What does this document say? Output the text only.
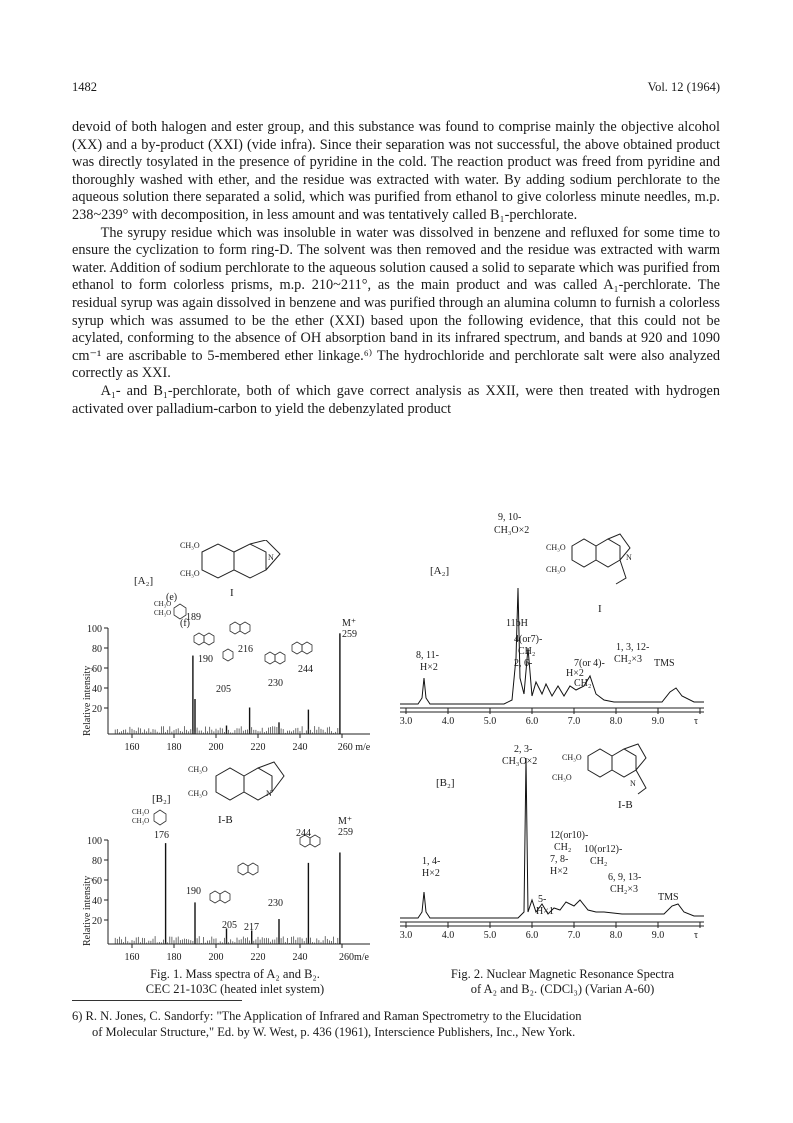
1482	Vol. 12 (1964)

devoid of both halogen and ester group, and this substance was found to comprise mainly the objective alcohol (XX) and a by-product (XXI) (vide infra). Since their separation was not successful, the above obtained product was directly tosylated in the presence of pyridine in the cold. The reaction product was freed from pyridine and thoroughly washed with ether, and the residue was extracted with water. By adding sodium perchlorate to the aqueous solution there separated a solid, which was purified from ethanol to give colorless minute needles, m.p. 238~239° with decomposition, in less amount and was tentatively called B₁-perchlorate.

The syrupy residue which was insoluble in water was dissolved in benzene and refluxed for some time to ensure the cyclization to form ring-D. The solvent was then removed and the residue was extracted with warm water. Addition of sodium perchlorate to the aqueous solution caused a solid to separate which was purified from ethanol to form colorless prisms, m.p. 210~211°, as the main product and was called A₁-perchlorate. The residual syrup was again dissolved in benzene and was purified through an alumina column to furnish a colorless syrup which was assumed to be the ether (XXI) based upon the following evidence, that this could not be acylated, conforming to the absence of OH absorption band in its infrared spectrum, and bands at 920 and 1090 cm⁻¹ are ascribable to 5-membered ether linkage.⁶⁾ The hydrochloride and perchlorate salt were also analyzed correctly as XXI.

A₁- and B₁-perchlorate, both of which gave correct analysis as XXII, were then treated with hydrogen activated over palladium-carbon to yield the debenzylated product

[A₂]
CH₃O
CH₃O
N
I
(e)
(f)
CH₃O
CH₃O
100
80
60
40
20
160	180	200	220	240	260 m/e
Relative intensity
M⁺
259
189
190
216
205
230
244
[B₂]
CH₃O
CH₃O	N
CH₃O
CH₃O	I-B
100
80
60
40
20
160	180	200	220	240	260m/e
Relative intensity
M⁺
259
176	244
190
205 217
230
Fig. 1. Mass spectra of A₂ and B₂.
CEC 21-103C (heated inlet system)
[A₂]
9, 10-
CH₃O×2
8, 11-
H×2
11bH
4(or7)-
CH₂
2, 6-
H×2
7(or 4)-
CH₂
1, 3, 12-
CH₂×3 TMS
CH₃O
CH₃O
N
I
3.0	4.0	5.0	6.0	7.0	8.0	9.0	τ
[B₂]
2, 3-
CH₃O×2
1, 4-
H×2
12(or10)-
CH₂ 10(or12)-
CH₂
7, 8-
H×2
6, 9, 13-
CH₂×3
5-
H×1
TMS
CH₃O
CH₃O
N
I-B
3.0	4.0	5.0	6.0	7.0	8.0	9.0	τ
Fig. 2. Nuclear Magnetic Resonance Spectra
of A₂ and B₂. (CDCl₃) (Varian A-60)
6) R. N. Jones, C. Sandorfy: "The Application of Infrared and Raman Spectrometry to the Elucidation
of Molecular Structure," Ed. by W. West, p. 436 (1961), Interscience Publishers, Inc., New York.
